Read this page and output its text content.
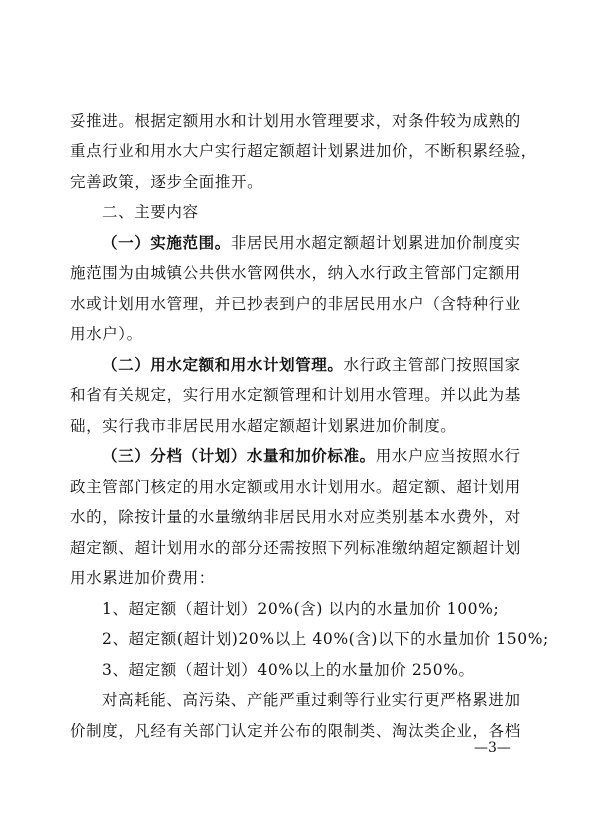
妥推进。根据定额用水和计划用水管理要求，对条件较为成熟的
重点行业和用水大户实行超定额超计划累进加价，不断积累经验，
完善政策，逐步全面推开。
二、主要内容
（一）实施范围。非居民用水超定额超计划累进加价制度实
施范围为由城镇公共供水管网供水，纳入水行政主管部门定额用
水或计划用水管理，并已抄表到户的非居民用水户（含特种行业
用水户）。
（二）用水定额和用水计划管理。水行政主管部门按照国家
和省有关规定，实行用水定额管理和计划用水管理。并以此为基
础，实行我市非居民用水超定额超计划累进加价制度。
（三）分档（计划）水量和加价标准。用水户应当按照水行
政主管部门核定的用水定额或用水计划用水。超定额、超计划用
水的，除按计量的水量缴纳非居民用水对应类别基本水费外，对
超定额、超计划用水的部分还需按照下列标准缴纳超定额超计划
用水累进加价费用：
1、超定额（超计划）20%(含) 以内的水量加价 100%;
2、超定额(超计划)20%以上 40%(含)以下的水量加价 150%;
3、超定额（超计划）40%以上的水量加价 250%。
对高耗能、高污染、产能严重过剩等行业实行更严格累进加
价制度，凡经有关部门认定并公布的限制类、淘汰类企业，各档
—3—
